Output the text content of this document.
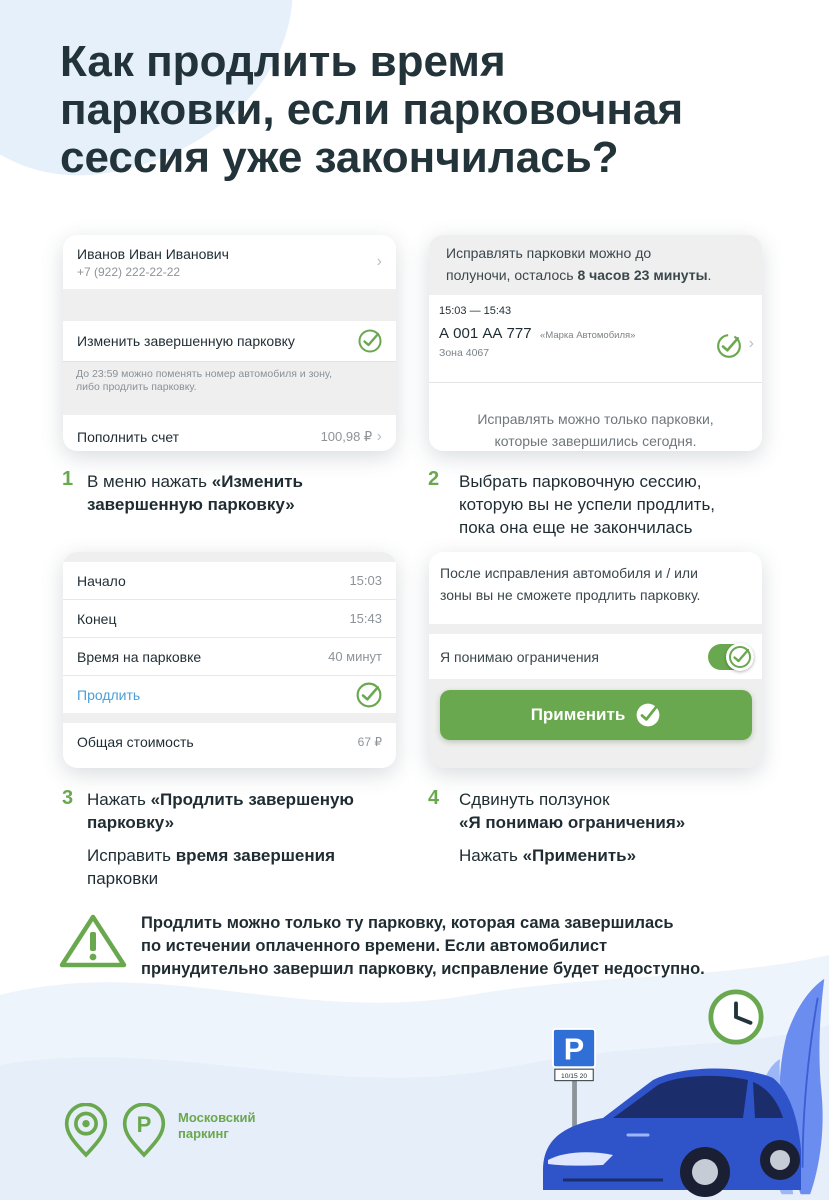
Как продлить время
парковки, если парковочная
сессия уже закончилась?
Иванов Иван Иванович
+7 (922) 222-22-22
›
Изменить завершенную парковку
До 23:59 можно поменять номер автомобиля и зону,
либо продлить парковку.
Пополнить счет	100,98 ₽ ›
Исправлять парковки можно до
полуночи, осталось 8 часов 23 минуты.
15:03 — 15:43
А 001 АА 777 «Марка Автомобиля»
Зона 4067
›
Исправлять можно только парковки,
которые завершились сегодня.
1 В меню нажать «Изменить
завершенную парковку»
2 Выбрать парковочную сессию,
которую вы не успели продлить,
пока она еще не закончилась
Начало	15:03
Конец	15:43
Время на парковке	40 минут
Продлить
Общая стоимость	67 ₽
После исправления автомобиля и / или
зоны вы не сможете продлить парковку.
Я понимаю ограничения
Применить
3 Нажать «Продлить завершеную
парковку»
Исправить время завершения
парковки
4 Сдвинуть ползунок
«Я понимаю ограничения»
Нажать «Применить»
Продлить можно только ту парковку, которая сама завершилась
по истечении оплаченного времени. Если автомобилист
принудительно завершил парковку, исправление будет недоступно.
P Московский
паркинг
P
10/15 20
